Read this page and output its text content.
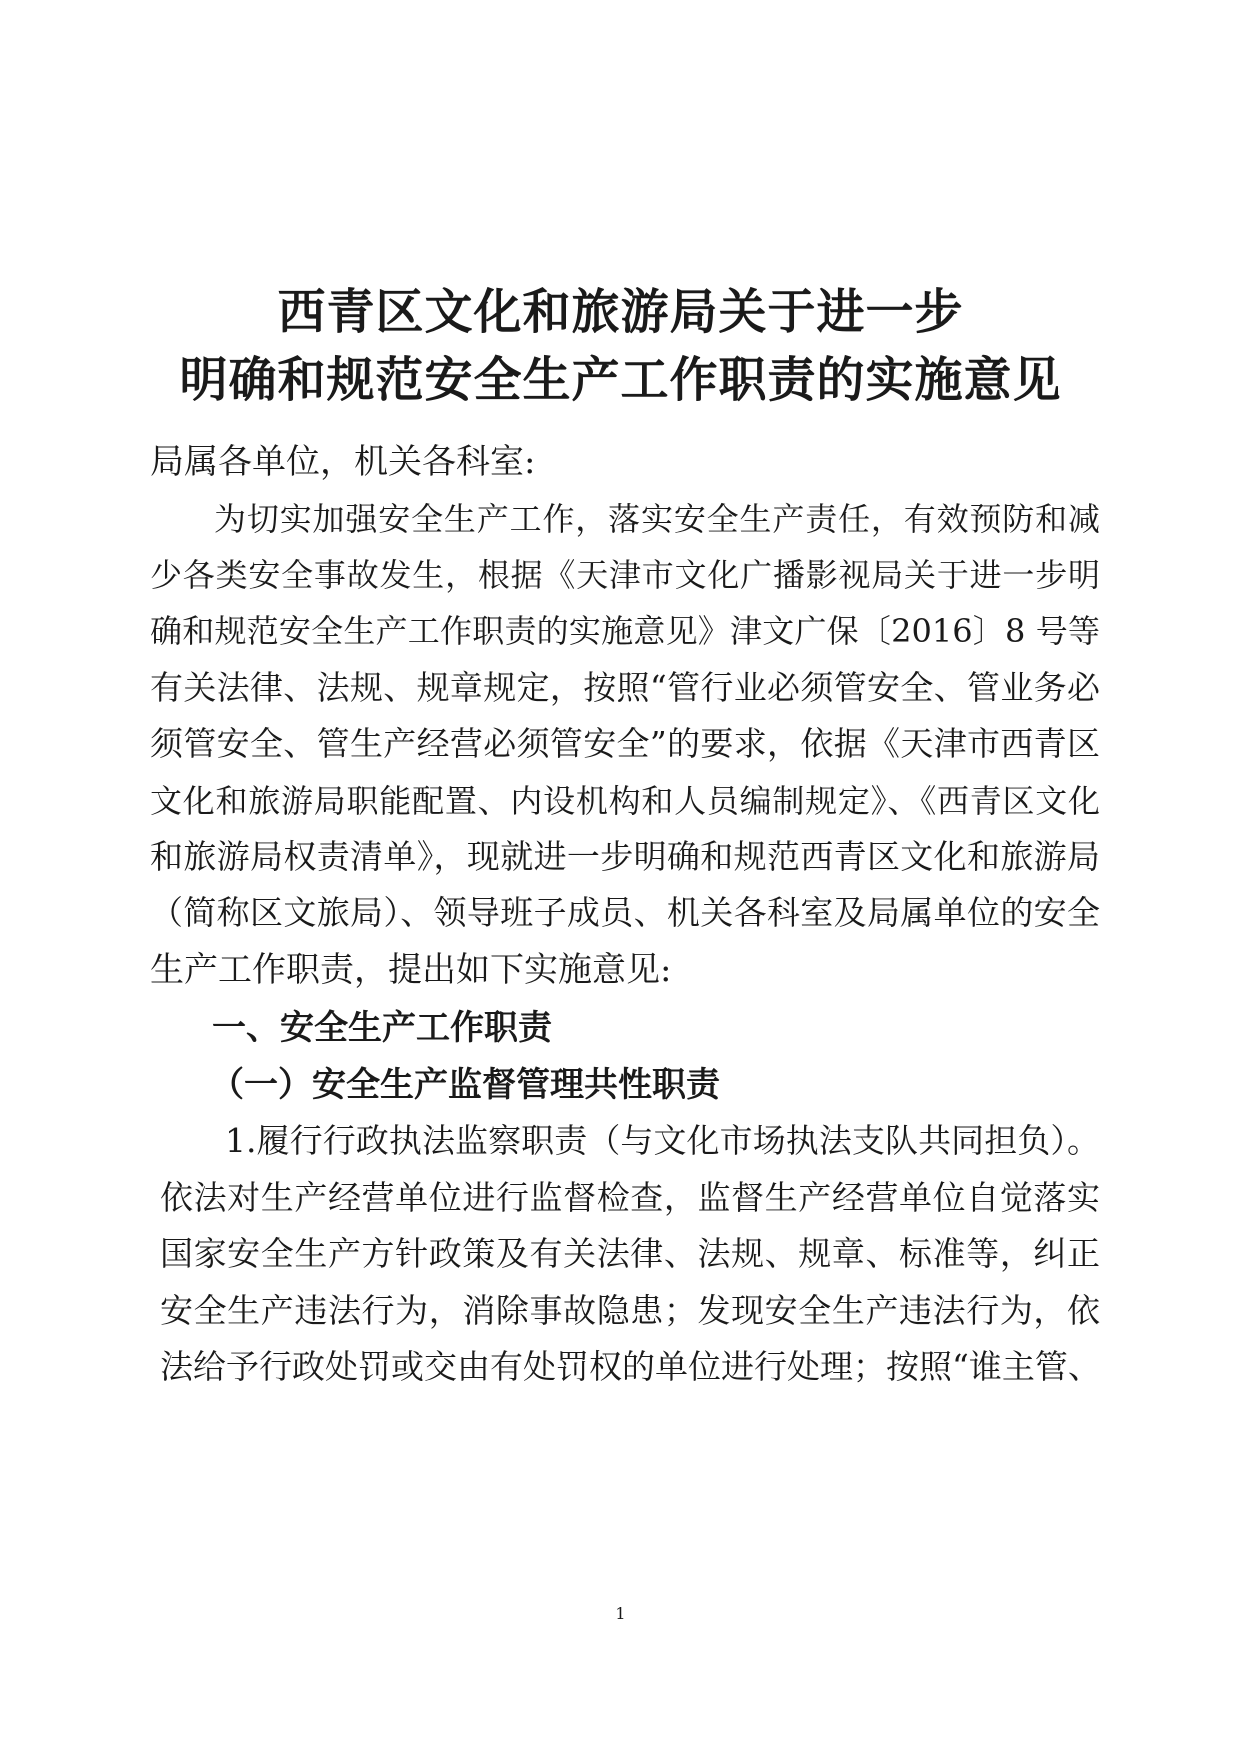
西青区文化和旅游局关于进一步
明确和规范安全生产工作职责的实施意见
局属各单位，机关各科室:
为切实加强安全生产工作，落实安全生产责任，有效预防和减
少各类安全事故发生，根据《天津市文化广播影视局关于进一步明
确和规范安全生产工作职责的实施意见》津文广保〔2016〕8 号等
有关法律、法规、规章规定，按照“管行业必须管安全、管业务必
须管安全、管生产经营必须管安全”的要求，依据《天津市西青区
文化和旅游局职能配置、内设机构和人员编制规定》、《西青区文化
和旅游局权责清单》，现就进一步明确和规范西青区文化和旅游局
（简称区文旅局）、领导班子成员、机关各科室及局属单位的安全
生产工作职责，提出如下实施意见:
一、安全生产工作职责
（一）安全生产监督管理共性职责
1.履行行政执法监察职责（与文化市场执法支队共同担负）。
依法对生产经营单位进行监督检查，监督生产经营单位自觉落实
国家安全生产方针政策及有关法律、法规、规章、标准等，纠正
安全生产违法行为，消除事故隐患；发现安全生产违法行为，依
法给予行政处罚或交由有处罚权的单位进行处理；按照“谁主管、
1
